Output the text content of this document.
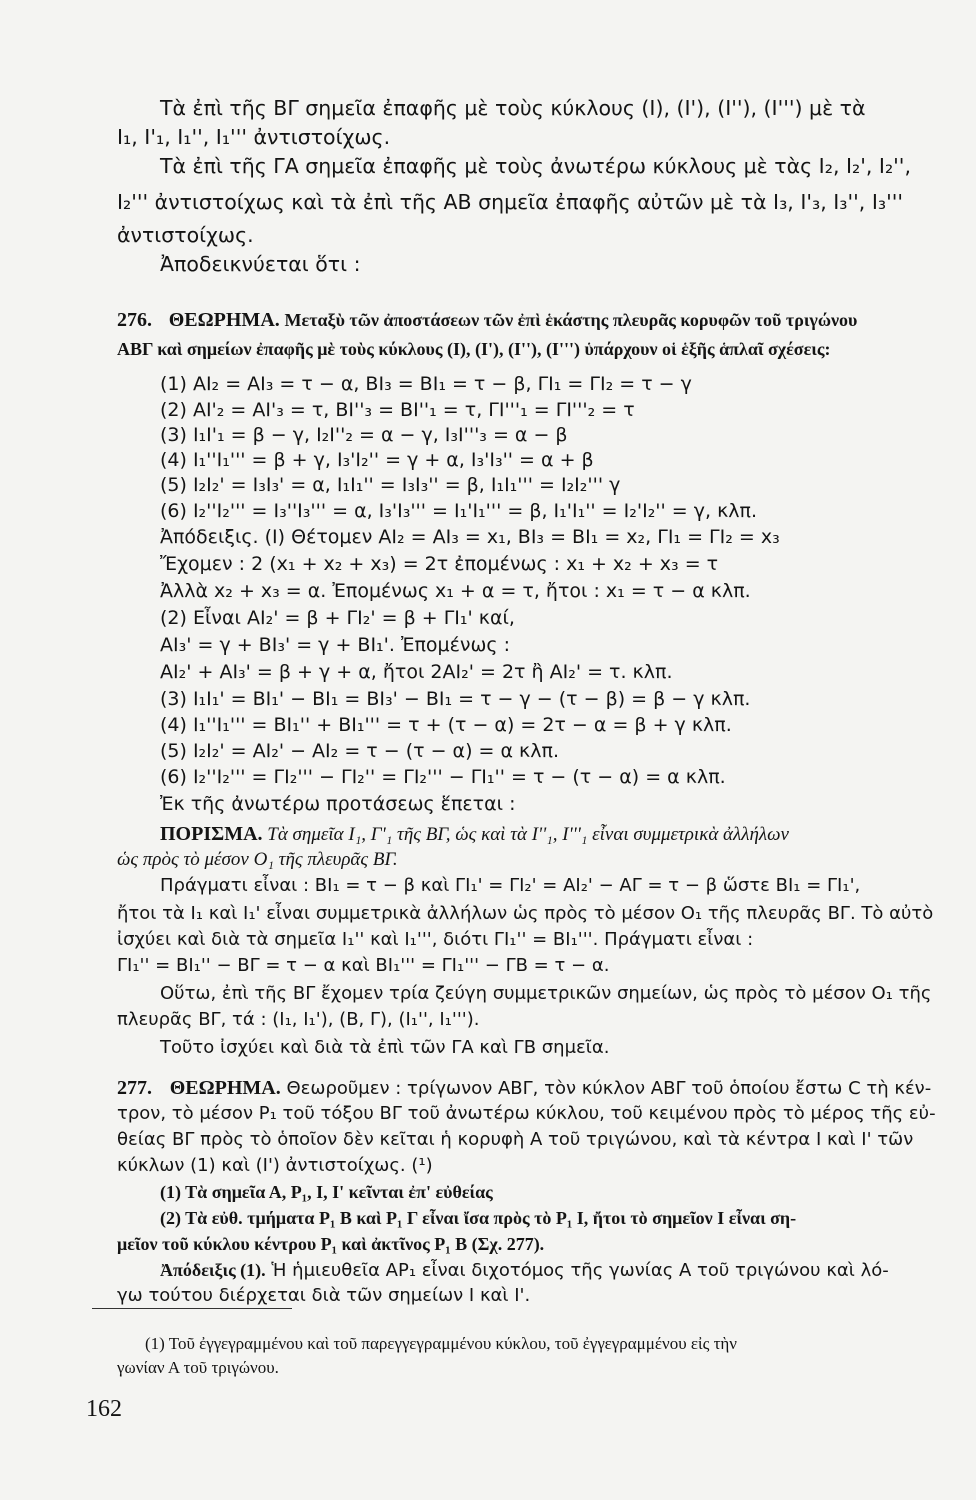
Τὰ ἐπὶ τῆς ΒΓ σημεῖα ἐπαφῆς μὲ τοὺς κύκλους (Ι), (Ι'), (Ι''), (Ι''') μὲ τὰ

Ι₁, Ι'₁, Ι₁'', Ι₁''' ἀντιστοίχως.

Τὰ ἐπὶ τῆς ΓΑ σημεῖα ἐπαφῆς μὲ τοὺς ἀνωτέρω κύκλους μὲ τὰς Ι₂, Ι₂', Ι₂'',

Ι₂''' ἀντιστοίχως καὶ τὰ ἐπὶ τῆς ΑΒ σημεῖα ἐπαφῆς αὐτῶν μὲ τὰ Ι₃, Ι'₃, Ι₃'', Ι₃'''

ἀντιστοίχως.

Ἀποδεικνύεται ὅτι :

276. ΘΕΩΡΗΜΑ. Μεταξὺ τῶν ἀποστάσεων τῶν ἐπὶ ἑκάστης πλευρᾶς κορυφῶν τοῦ τριγώνου

ΑΒΓ καὶ σημείων ἐπαφῆς μὲ τοὺς κύκλους (Ι), (Ι'), (Ι''), (Ι''') ὑπάρχουν οἱ ἑξῆς ἁπλαῖ σχέσεις:

(1) ΑΙ₂ = ΑΙ₃ = τ − α, ΒΙ₃ = ΒΙ₁ = τ − β, ΓΙ₁ = ΓΙ₂ = τ − γ

(2) ΑΙ'₂ = ΑΙ'₃ = τ, ΒΙ''₃ = ΒΙ''₁ = τ, ΓΙ'''₁ = ΓΙ'''₂ = τ

(3) Ι₁Ι'₁ = β − γ, Ι₂Ι''₂ = α − γ, Ι₃Ι'''₃ = α − β

(4) Ι₁''Ι₁''' = β + γ, Ι₃'Ι₂'' = γ + α, Ι₃'Ι₃'' = α + β

(5) Ι₂Ι₂' = Ι₃Ι₃' = α, Ι₁Ι₁'' = Ι₃Ι₃'' = β, Ι₁Ι₁''' = Ι₂Ι₂''' γ

(6) Ι₂''Ι₂''' = Ι₃''Ι₃''' = α, Ι₃'Ι₃''' = Ι₁'Ι₁''' = β, Ι₁'Ι₁'' = Ι₂'Ι₂'' = γ, κλπ.

Ἀπόδειξις. (Ι) Θέτομεν ΑΙ₂ = ΑΙ₃ = x₁, ΒΙ₃ = ΒΙ₁ = x₂, ΓΙ₁ = ΓΙ₂ = x₃

Ἔχομεν : 2 (x₁ + x₂ + x₃) = 2τ ἐπομένως : x₁ + x₂ + x₃ = τ

Ἀλλὰ x₂ + x₃ = α. Ἐπομένως x₁ + α = τ, ἤτοι : x₁ = τ − α κλπ.

(2) Εἶναι ΑΙ₂' = β + ΓΙ₂' = β + ΓΙ₁' καί,

ΑΙ₃' = γ + ΒΙ₃' = γ + ΒΙ₁'. Ἐπομένως :

ΑΙ₂' + ΑΙ₃' = β + γ + α, ἤτοι 2ΑΙ₂' = 2τ ἢ ΑΙ₂' = τ. κλπ.

(3) Ι₁Ι₁' = ΒΙ₁' − ΒΙ₁ = ΒΙ₃' − ΒΙ₁ = τ − γ − (τ − β) = β − γ κλπ.

(4) Ι₁''Ι₁''' = ΒΙ₁'' + ΒΙ₁''' = τ + (τ − α) = 2τ − α = β + γ κλπ.

(5) Ι₂Ι₂' = ΑΙ₂' − ΑΙ₂ = τ − (τ − α) = α κλπ.

(6) Ι₂''Ι₂''' = ΓΙ₂''' − ΓΙ₂'' = ΓΙ₂''' − ΓΙ₁'' = τ − (τ − α) = α κλπ.

Ἐκ τῆς ἀνωτέρω προτάσεως ἕπεται :

ΠΟΡΙΣΜΑ. Τὰ σημεῖα Ι₁, Γ'₁ τῆς ΒΓ, ὡς καὶ τὰ Ι''₁, Ι'''₁ εἶναι συμμετρικὰ ἀλλήλων

ὡς πρὸς τὸ μέσον Ο₁ τῆς πλευρᾶς ΒΓ.

Πράγματι εἶναι : ΒΙ₁ = τ − β καὶ ΓΙ₁' = ΓΙ₂' = ΑΙ₂' − ΑΓ = τ − β ὥστε ΒΙ₁ = ΓΙ₁',

ἤτοι τὰ Ι₁ καὶ Ι₁' εἶναι συμμετρικὰ ἀλλήλων ὡς πρὸς τὸ μέσον Ο₁ τῆς πλευρᾶς ΒΓ. Τὸ αὐτὸ

ἰσχύει καὶ διὰ τὰ σημεῖα Ι₁'' καὶ Ι₁''', διότι ΓΙ₁'' = ΒΙ₁'''. Πράγματι εἶναι :

ΓΙ₁'' = ΒΙ₁'' − ΒΓ = τ − α καὶ ΒΙ₁''' = ΓΙ₁''' − ΓΒ = τ − α.

Οὕτω, ἐπὶ τῆς ΒΓ ἔχομεν τρία ζεύγη συμμετρικῶν σημείων, ὡς πρὸς τὸ μέσον Ο₁ τῆς

πλευρᾶς ΒΓ, τά : (Ι₁, Ι₁'), (Β, Γ), (Ι₁'', Ι₁''').

Τοῦτο ἰσχύει καὶ διὰ τὰ ἐπὶ τῶν ΓΑ καὶ ΓΒ σημεῖα.

277. ΘΕΩΡΗΜΑ. Θεωροῦμεν : τρίγωνον ΑΒΓ, τὸν κύκλον ΑΒΓ τοῦ ὁποίου ἔστω C τὴ κέν-

τρον, τὸ μέσον Ρ₁ τοῦ τόξου ΒΓ τοῦ ἀνωτέρω κύκλου, τοῦ κειμένου πρὸς τὸ μέρος τῆς εὐ-

θείας ΒΓ πρὸς τὸ ὁποῖον δὲν κεῖται ἡ κορυφὴ Α τοῦ τριγώνου, καὶ τὰ κέντρα Ι καὶ Ι' τῶν

κύκλων (1) καὶ (Ι') ἀντιστοίχως. (¹)

(1) Τὰ σημεῖα Α, Ρ₁, Ι, Ι' κεῖνται ἐπ' εὐθείας

(2) Τὰ εὐθ. τμήματα Ρ₁ Β καὶ Ρ₁ Γ εἶναι ἴσα πρὸς τὸ Ρ₁ Ι, ἤτοι τὸ σημεῖον Ι εἶναι ση-

μεῖον τοῦ κύκλου κέντρου Ρ₁ καὶ ἀκτῖνος Ρ₁ Β (Σχ. 277).

Ἀπόδειξις (1). Ἡ ἡμιευθεῖα ΑΡ₁ εἶναι διχοτόμος τῆς γωνίας Α τοῦ τριγώνου καὶ λό-

γω τούτου διέρχεται διὰ τῶν σημείων Ι καὶ Ι'.

(1) Τοῦ ἐγγεγραμμένου καὶ τοῦ παρεγγεγραμμένου κύκλου, τοῦ ἐγγεγραμμένου εἰς τὴν

γωνίαν Α τοῦ τριγώνου.

162
